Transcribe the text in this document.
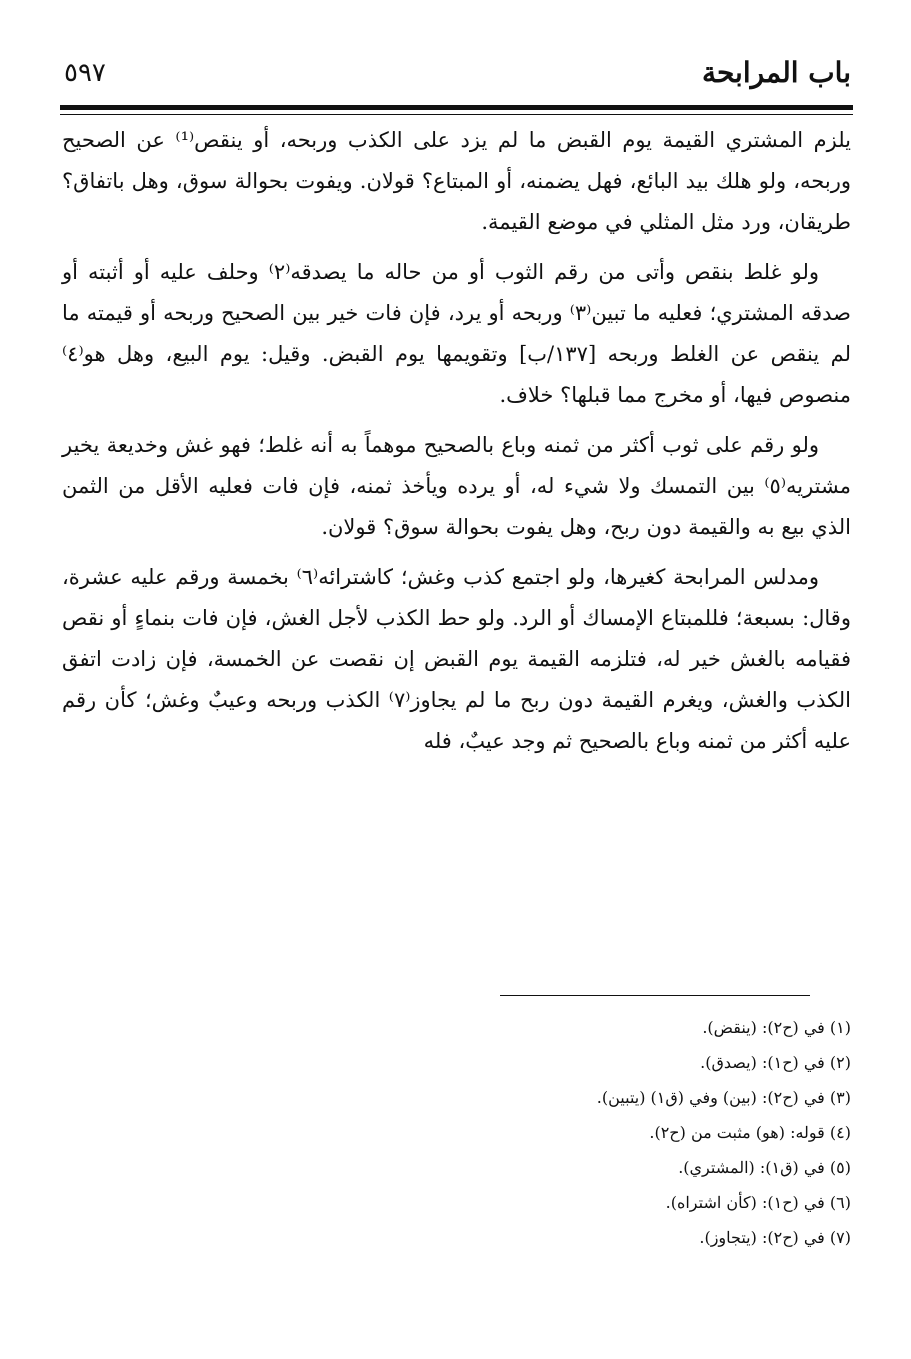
باب المرابحة
٥٩٧

يلزم المشتري القيمة يوم القبض ما لم يزد على الكذب وربحه، أو ينقص⁽¹⁾ عن الصحيح وربحه، ولو هلك بيد البائع، فهل يضمنه، أو المبتاع؟ قولان. ويفوت بحوالة سوق، وهل باتفاق؟ طريقان، ورد مثل المثلي في موضع القيمة.

ولو غلط بنقص وأتى من رقم الثوب أو من حاله ما يصدقه⁽٢⁾ وحلف عليه أو أثبته أو صدقه المشتري؛ فعليه ما تبين⁽٣⁾ وربحه أو يرد، فإن فات خير بين الصحيح وربحه أو قيمته ما لم ينقص عن الغلط وربحه [١٣٧/ب] وتقويمها يوم القبض. وقيل: يوم البيع، وهل هو⁽٤⁾ منصوص فيها، أو مخرج مما قبلها؟ خلاف.

ولو رقم على ثوب أكثر من ثمنه وباع بالصحيح موهماً به أنه غلط؛ فهو غش وخديعة يخير مشتريه⁽٥⁾ بين التمسك ولا شيء له، أو يرده ويأخذ ثمنه، فإن فات فعليه الأقل من الثمن الذي بيع به والقيمة دون ربح، وهل يفوت بحوالة سوق؟ قولان.

ومدلس المرابحة كغيرها، ولو اجتمع كذب وغش؛ كاشترائه⁽٦⁾ بخمسة ورقم عليه عشرة، وقال: بسبعة؛ فللمبتاع الإمساك أو الرد. ولو حط الكذب لأجل الغش، فإن فات بنماءٍ أو نقص فقيامه بالغش خير له، فتلزمه القيمة يوم القبض إن نقصت عن الخمسة، فإن زادت اتفق الكذب والغش، ويغرم القيمة دون ربح ما لم يجاوز⁽٧⁾ الكذب وربحه وعيبٌ وغش؛ كأن رقم عليه أكثر من ثمنه وباع بالصحيح ثم وجد عيبٌ، فله

(١) في (ح٢): (ينقض).

(٢) في (ح١): (يصدق).

(٣) في (ح٢): (بين) وفي (ق١) (يتبين).

(٤) قوله: (هو) مثبت من (ح٢).

(٥) في (ق١): (المشتري).

(٦) في (ح١): (كأن اشتراه).

(٧) في (ح٢): (يتجاوز).
